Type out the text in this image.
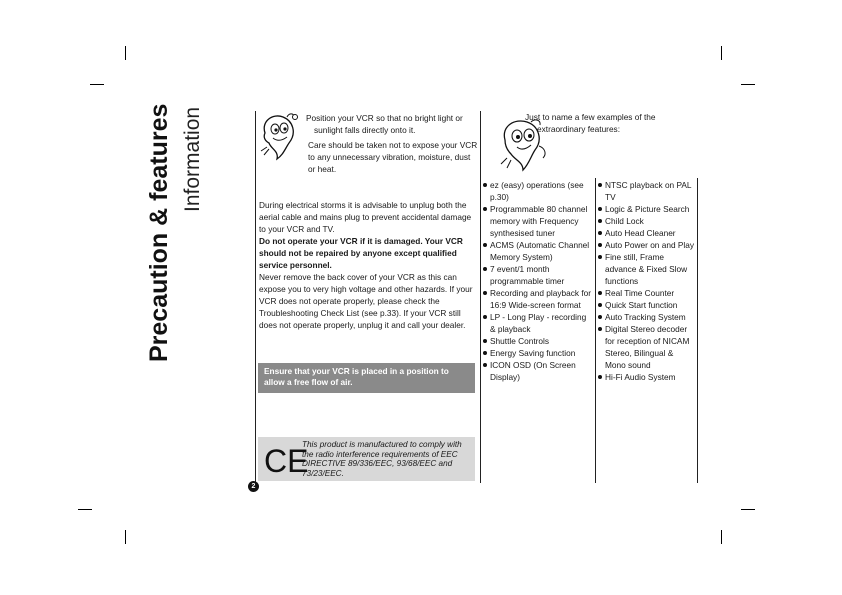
Precaution & features Information	Position your VCR so that no bright light or sunlight falls directly onto it.

Care should be taken not to expose your VCR to any unnecessary vibration, moisture, dust or heat.

During electrical storms it is advisable to unplug both the aerial cable and mains plug to prevent accidental damage to your VCR and TV.

Do not operate your VCR if it is damaged. Your VCR should not be repaired by anyone except qualified service personnel.

Never remove the back cover of your VCR as this can expose you to very high voltage and other hazards. If your VCR does not operate properly, please check the Troubleshooting Check List (see p.33). If your VCR still does not operate properly, unplug it and call your dealer.

Ensure that your VCR is placed in a position to allow a free flow of air.
CE
This product is manufactured to comply with the radio interference requirements of EEC DIRECTIVE 89/336/EEC, 93/68/EEC and 73/23/EEC.
2

Just to name a few examples of the extraordinary features:

ez (easy) operations (see p.30)
Programmable 80 channel memory with Frequency synthesised tuner
ACMS (Automatic Channel Memory System)
7 event/1 month programmable timer
Recording and playback for 16:9 Wide-screen format
LP - Long Play - recording & playback
Shuttle Controls
Energy Saving function
ICON OSD (On Screen Display)
NTSC playback on PAL TV
Logic & Picture Search
Child Lock
Auto Head Cleaner
Auto Power on and Play
Fine still, Frame advance & Fixed Slow functions
Real Time Counter
Quick Start function
Auto Tracking System
Digital Stereo decoder for reception of NICAM Stereo, Bilingual & Mono sound
Hi-Fi Audio System
